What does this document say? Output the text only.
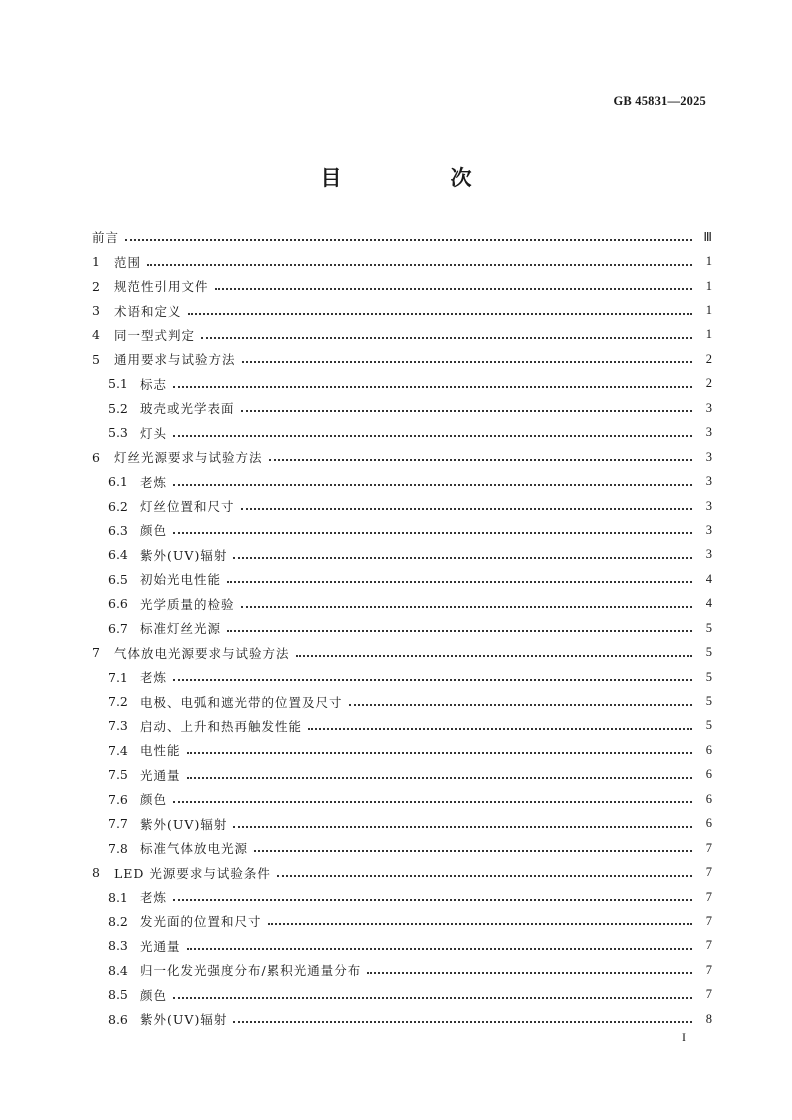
GB 45831—2025
目　次
前言	Ⅲ
1	范围	1
2	规范性引用文件	1
3	术语和定义	1
4	同一型式判定	1
5	通用要求与试验方法	2
5.1 标志	2
5.2 玻壳或光学表面	3
5.3 灯头	3
6	灯丝光源要求与试验方法	3
6.1 老炼	3
6.2 灯丝位置和尺寸	3
6.3 颜色	3
6.4 紫外(UV)辐射	3
6.5 初始光电性能	4
6.6 光学质量的检验	4
6.7 标准灯丝光源	5
7	气体放电光源要求与试验方法	5
7.1 老炼	5
7.2 电极、电弧和遮光带的位置及尺寸	5
7.3 启动、上升和热再触发性能	5
7.4 电性能	6
7.5 光通量	6
7.6 颜色	6
7.7 紫外(UV)辐射	6
7.8 标准气体放电光源	7
8	LED 光源要求与试验条件	7
8.1 老炼	7
8.2 发光面的位置和尺寸	7
8.3 光通量	7
8.4 归一化发光强度分布/累积光通量分布	7
8.5 颜色	7
8.6 紫外(UV)辐射	8
I
